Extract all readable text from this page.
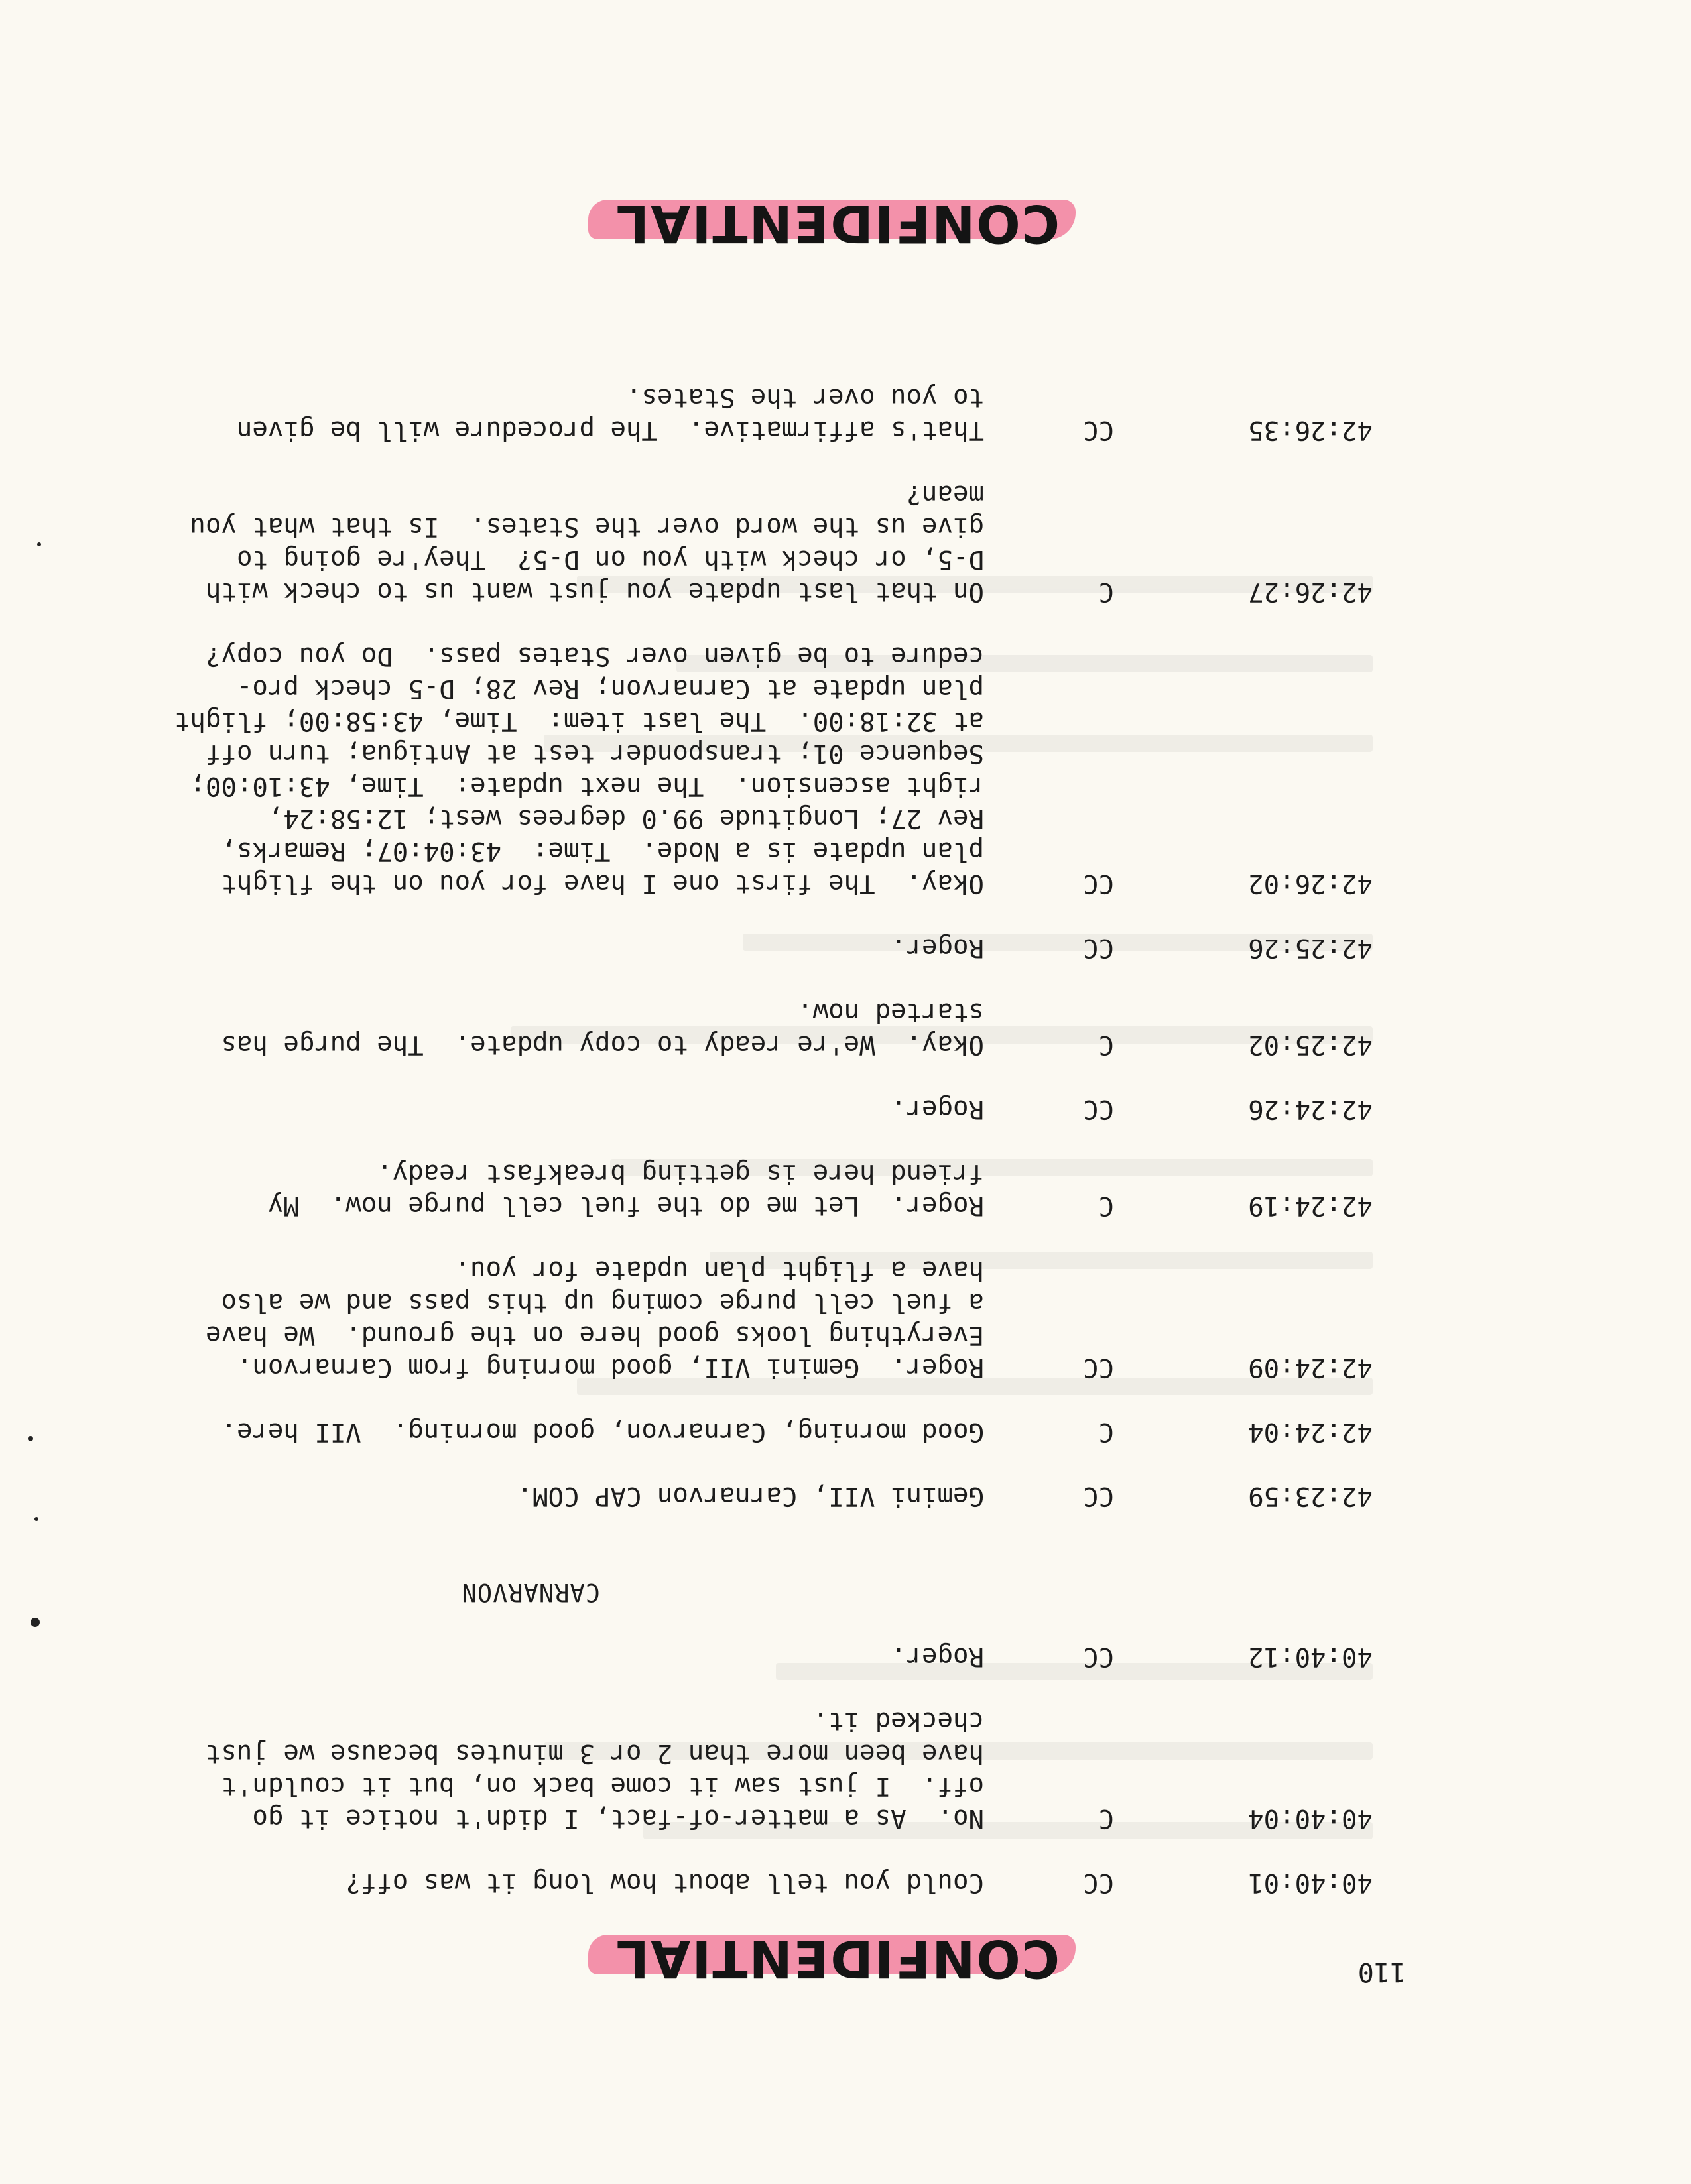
110
CONFIDENTIAL
40:40:01
CC
Could you tell about how long it was off?
40:40:04
C
No.  As a matter-of-fact, I didn't notice it go
off.  I just saw it come back on, but it couldn't
have been more than 2 or 3 minutes because we just
checked it.
40:40:12
CC
Roger.
CARNARVON
42:23:59
CC
Gemini VII, Carnarvon CAP COM.
42:24:04
C
Good morning, Carnarvon, good morning.  VII here.
42:24:09
CC
Roger.  Gemini VII, good morning from Carnarvon.
Everything looks good here on the ground.  We have
a fuel cell purge coming up this pass and we also
have a flight plan update for you.
42:24:19
C
Roger.  Let me do the fuel cell purge now.  My
friend here is getting breakfast ready.
42:24:26
CC
Roger.
42:25:02
C
Okay.  We're ready to copy update.  The purge has
started now.
42:25:26
CC
Roger.
42:26:02
CC
Okay.  The first one I have for you on the flight
plan update is a Node.  Time:  43:04:07; Remarks,
Rev 27; Longitude 99.0 degrees west; 12:58:24,
right ascension.  The next update:  Time, 43:10:00;
Sequence 01; transponder test at Antigua; turn off
at 32:18:00.  The last item:  Time, 43:58:00; flight
plan update at Carnarvon; Rev 28; D-5 check pro-
cedure to be given over States pass.  Do you copy?
42:26:27
C
On that last update you just want us to check with
D-5, or check with you on D-5?  They're going to
give us the word over the States.  Is that what you
mean?
42:26:35
CC
That's affirmative.  The procedure will be given
to you over the States.
CONFIDENTIAL
